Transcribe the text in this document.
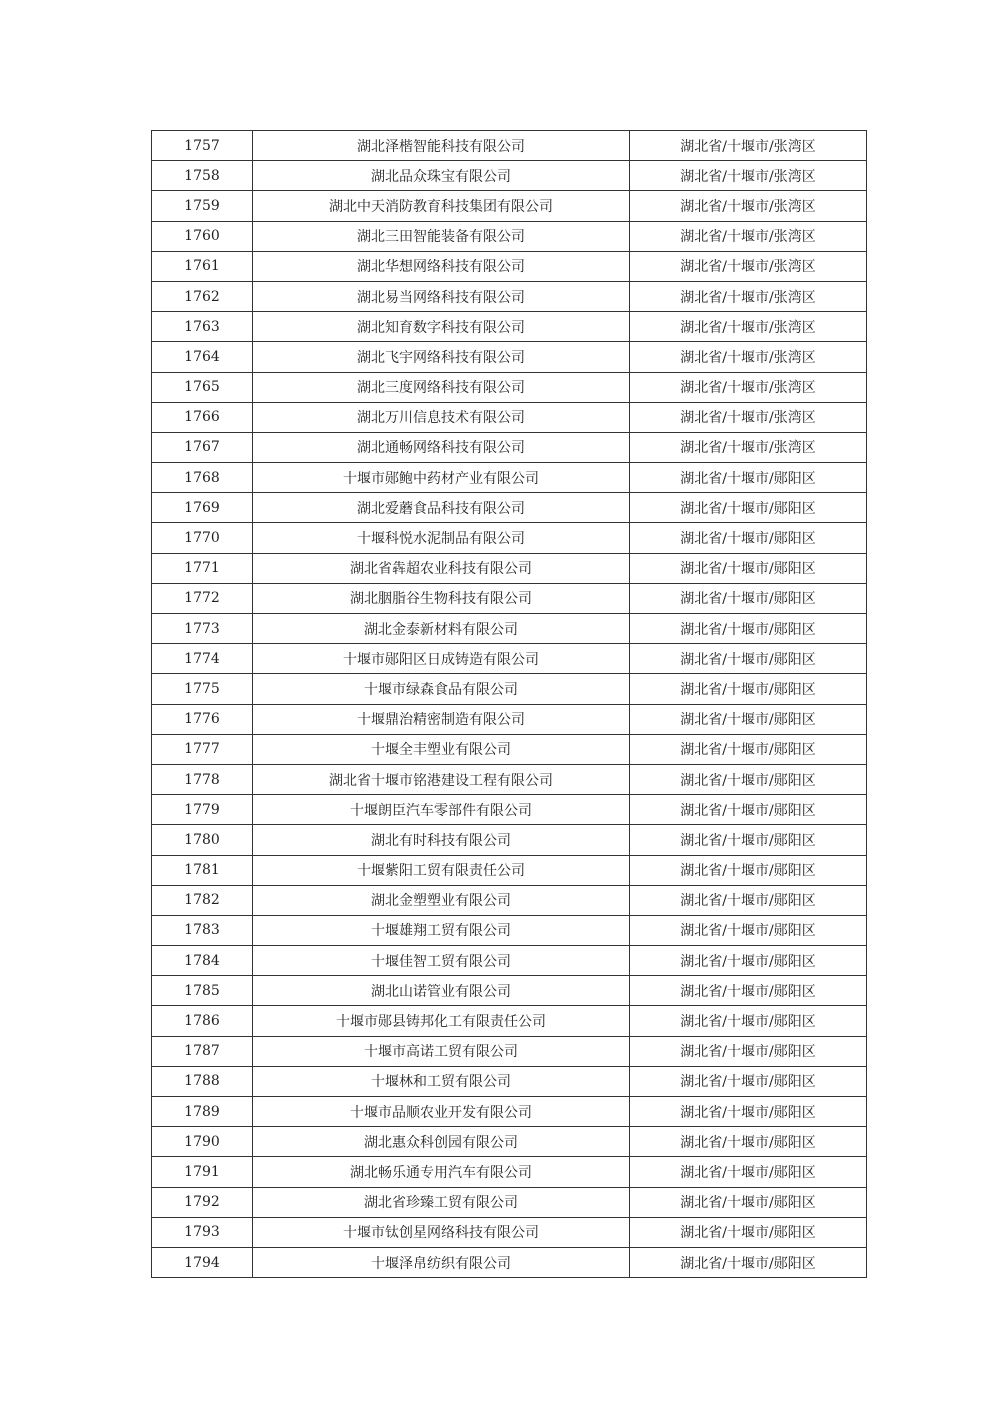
1757	湖北泽楷智能科技有限公司	湖北省/十堰市/张湾区
1758	湖北品众珠宝有限公司	湖北省/十堰市/张湾区
1759	湖北中天消防教育科技集团有限公司	湖北省/十堰市/张湾区
1760	湖北三田智能装备有限公司	湖北省/十堰市/张湾区
1761	湖北华想网络科技有限公司	湖北省/十堰市/张湾区
1762	湖北易当网络科技有限公司	湖北省/十堰市/张湾区
1763	湖北知育数字科技有限公司	湖北省/十堰市/张湾区
1764	湖北飞宇网络科技有限公司	湖北省/十堰市/张湾区
1765	湖北三度网络科技有限公司	湖北省/十堰市/张湾区
1766	湖北万川信息技术有限公司	湖北省/十堰市/张湾区
1767	湖北通畅网络科技有限公司	湖北省/十堰市/张湾区
1768	十堰市郧鲍中药材产业有限公司	湖北省/十堰市/郧阳区
1769	湖北爱蘑食品科技有限公司	湖北省/十堰市/郧阳区
1770	十堰科悦水泥制品有限公司	湖北省/十堰市/郧阳区
1771	湖北省犇超农业科技有限公司	湖北省/十堰市/郧阳区
1772	湖北胭脂谷生物科技有限公司	湖北省/十堰市/郧阳区
1773	湖北金泰新材料有限公司	湖北省/十堰市/郧阳区
1774	十堰市郧阳区日成铸造有限公司	湖北省/十堰市/郧阳区
1775	十堰市绿森食品有限公司	湖北省/十堰市/郧阳区
1776	十堰鼎治精密制造有限公司	湖北省/十堰市/郧阳区
1777	十堰全丰塑业有限公司	湖北省/十堰市/郧阳区
1778	湖北省十堰市铭港建设工程有限公司	湖北省/十堰市/郧阳区
1779	十堰朗臣汽车零部件有限公司	湖北省/十堰市/郧阳区
1780	湖北有时科技有限公司	湖北省/十堰市/郧阳区
1781	十堰紫阳工贸有限责任公司	湖北省/十堰市/郧阳区
1782	湖北金塑塑业有限公司	湖北省/十堰市/郧阳区
1783	十堰雄翔工贸有限公司	湖北省/十堰市/郧阳区
1784	十堰佳智工贸有限公司	湖北省/十堰市/郧阳区
1785	湖北山诺管业有限公司	湖北省/十堰市/郧阳区
1786	十堰市郧县铸邦化工有限责任公司	湖北省/十堰市/郧阳区
1787	十堰市高诺工贸有限公司	湖北省/十堰市/郧阳区
1788	十堰林和工贸有限公司	湖北省/十堰市/郧阳区
1789	十堰市品顺农业开发有限公司	湖北省/十堰市/郧阳区
1790	湖北惠众科创园有限公司	湖北省/十堰市/郧阳区
1791	湖北畅乐通专用汽车有限公司	湖北省/十堰市/郧阳区
1792	湖北省珍臻工贸有限公司	湖北省/十堰市/郧阳区
1793	十堰市钛创星网络科技有限公司	湖北省/十堰市/郧阳区
1794	十堰泽帛纺织有限公司	湖北省/十堰市/郧阳区
